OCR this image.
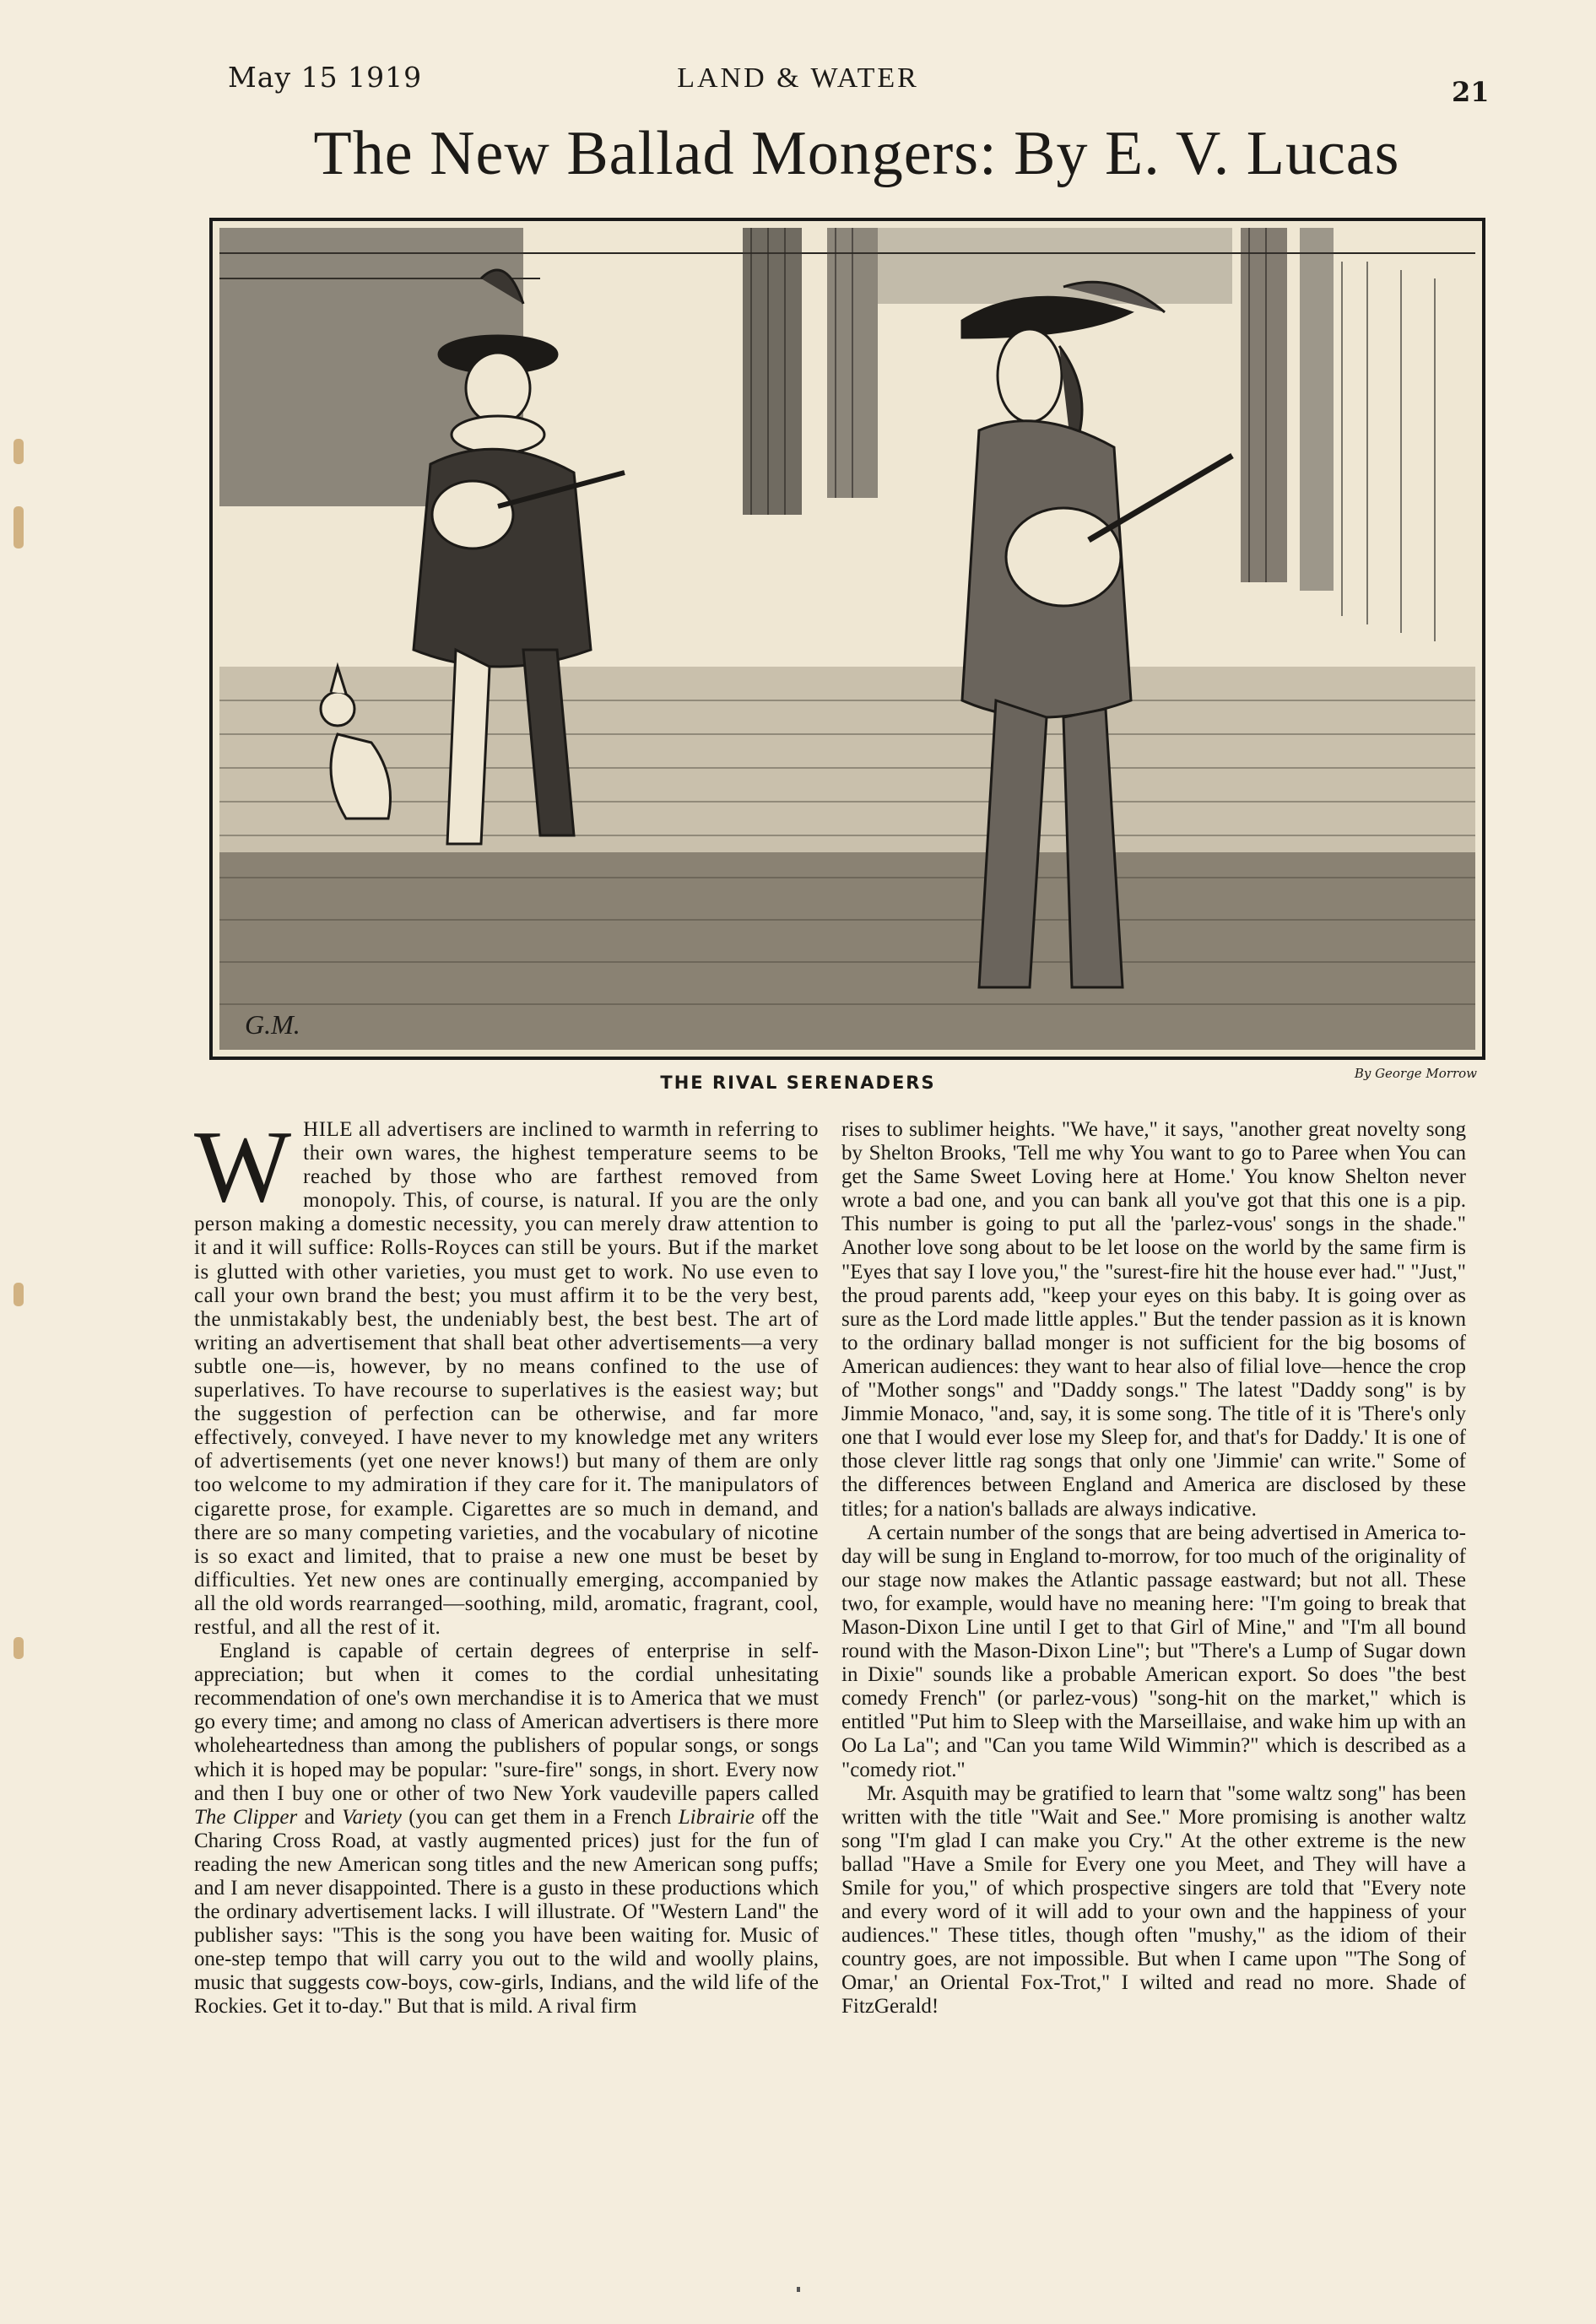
May 15 1919	LAND & WATER	21
The New Ballad Mongers: By E. V. Lucas
G.M.
THE RIVAL SERENADERS	By George Morrow

WHILE all advertisers are inclined to warmth in referring to their own wares, the highest temperature seems to be reached by those who are farthest removed from monopoly. This, of course, is natural. If you are the only person making a domestic necessity, you can merely draw attention to it and it will suffice: Rolls-Royces can still be yours. But if the market is glutted with other varieties, you must get to work. No use even to call your own brand the best; you must affirm it to be the very best, the unmistakably best, the undeniably best, the best best. The art of writing an advertisement that shall beat other advertisements—a very subtle one—is, however, by no means confined to the use of superlatives. To have recourse to superlatives is the easiest way; but the suggestion of perfection can be otherwise, and far more effectively, conveyed. I have never to my knowledge met any writers of advertisements (yet one never knows!) but many of them are only too welcome to my admiration if they care for it. The manipulators of cigarette prose, for example. Cigarettes are so much in demand, and there are so many competing varieties, and the vocabulary of nicotine is so exact and limited, that to praise a new one must be beset by difficulties. Yet new ones are continually emerging, accompanied by all the old words rearranged—soothing, mild, aromatic, fragrant, cool, restful, and all the rest of it.

England is capable of certain degrees of enterprise in self-appreciation; but when it comes to the cordial unhesitating recommendation of one's own merchandise it is to America that we must go every time; and among no class of American advertisers is there more wholeheartedness than among the publishers of popular songs, or songs which it is hoped may be popular: "sure-fire" songs, in short. Every now and then I buy one or other of two New York vaudeville papers called The Clipper and Variety (you can get them in a French Librairie off the Charing Cross Road, at vastly augmented prices) just for the fun of reading the new American song titles and the new American song puffs; and I am never disappointed. There is a gusto in these productions which the ordinary advertisement lacks. I will illustrate. Of "Western Land" the publisher says: "This is the song you have been waiting for. Music of one-step tempo that will carry you out to the wild and woolly plains, music that suggests cow-boys, cow-girls, Indians, and the wild life of the Rockies. Get it to-day." But that is mild. A rival firm

rises to sublimer heights. "We have," it says, "another great novelty song by Shelton Brooks, 'Tell me why You want to go to Paree when You can get the Same Sweet Loving here at Home.' You know Shelton never wrote a bad one, and you can bank all you've got that this one is a pip. This number is going to put all the 'parlez-vous' songs in the shade." Another love song about to be let loose on the world by the same firm is "Eyes that say I love you," the "surest-fire hit the house ever had." "Just," the proud parents add, "keep your eyes on this baby. It is going over as sure as the Lord made little apples." But the tender passion as it is known to the ordinary ballad monger is not sufficient for the big bosoms of American audiences: they want to hear also of filial love—hence the crop of "Mother songs" and "Daddy songs." The latest "Daddy song" is by Jimmie Monaco, "and, say, it is some song. The title of it is 'There's only one that I would ever lose my Sleep for, and that's for Daddy.' It is one of those clever little rag songs that only one 'Jimmie' can write." Some of the differences between England and America are disclosed by these titles; for a nation's ballads are always indicative.

A certain number of the songs that are being advertised in America to-day will be sung in England to-morrow, for too much of the originality of our stage now makes the Atlantic passage eastward; but not all. These two, for example, would have no meaning here: "I'm going to break that Mason-Dixon Line until I get to that Girl of Mine," and "I'm all bound round with the Mason-Dixon Line"; but "There's a Lump of Sugar down in Dixie" sounds like a probable American export. So does "the best comedy French" (or parlez-vous) "song-hit on the market," which is entitled "Put him to Sleep with the Marseillaise, and wake him up with an Oo La La"; and "Can you tame Wild Wimmin?" which is described as a "comedy riot."

Mr. Asquith may be gratified to learn that "some waltz song" has been written with the title "Wait and See." More promising is another waltz song "I'm glad I can make you Cry." At the other extreme is the new ballad "Have a Smile for Every one you Meet, and They will have a Smile for you," of which prospective singers are told that "Every note and every word of it will add to your own and the happiness of your audiences." These titles, though often "mushy," as the idiom of their country goes, are not impossible. But when I came upon "'The Song of Omar,' an Oriental Fox-Trot," I wilted and read no more. Shade of FitzGerald!
